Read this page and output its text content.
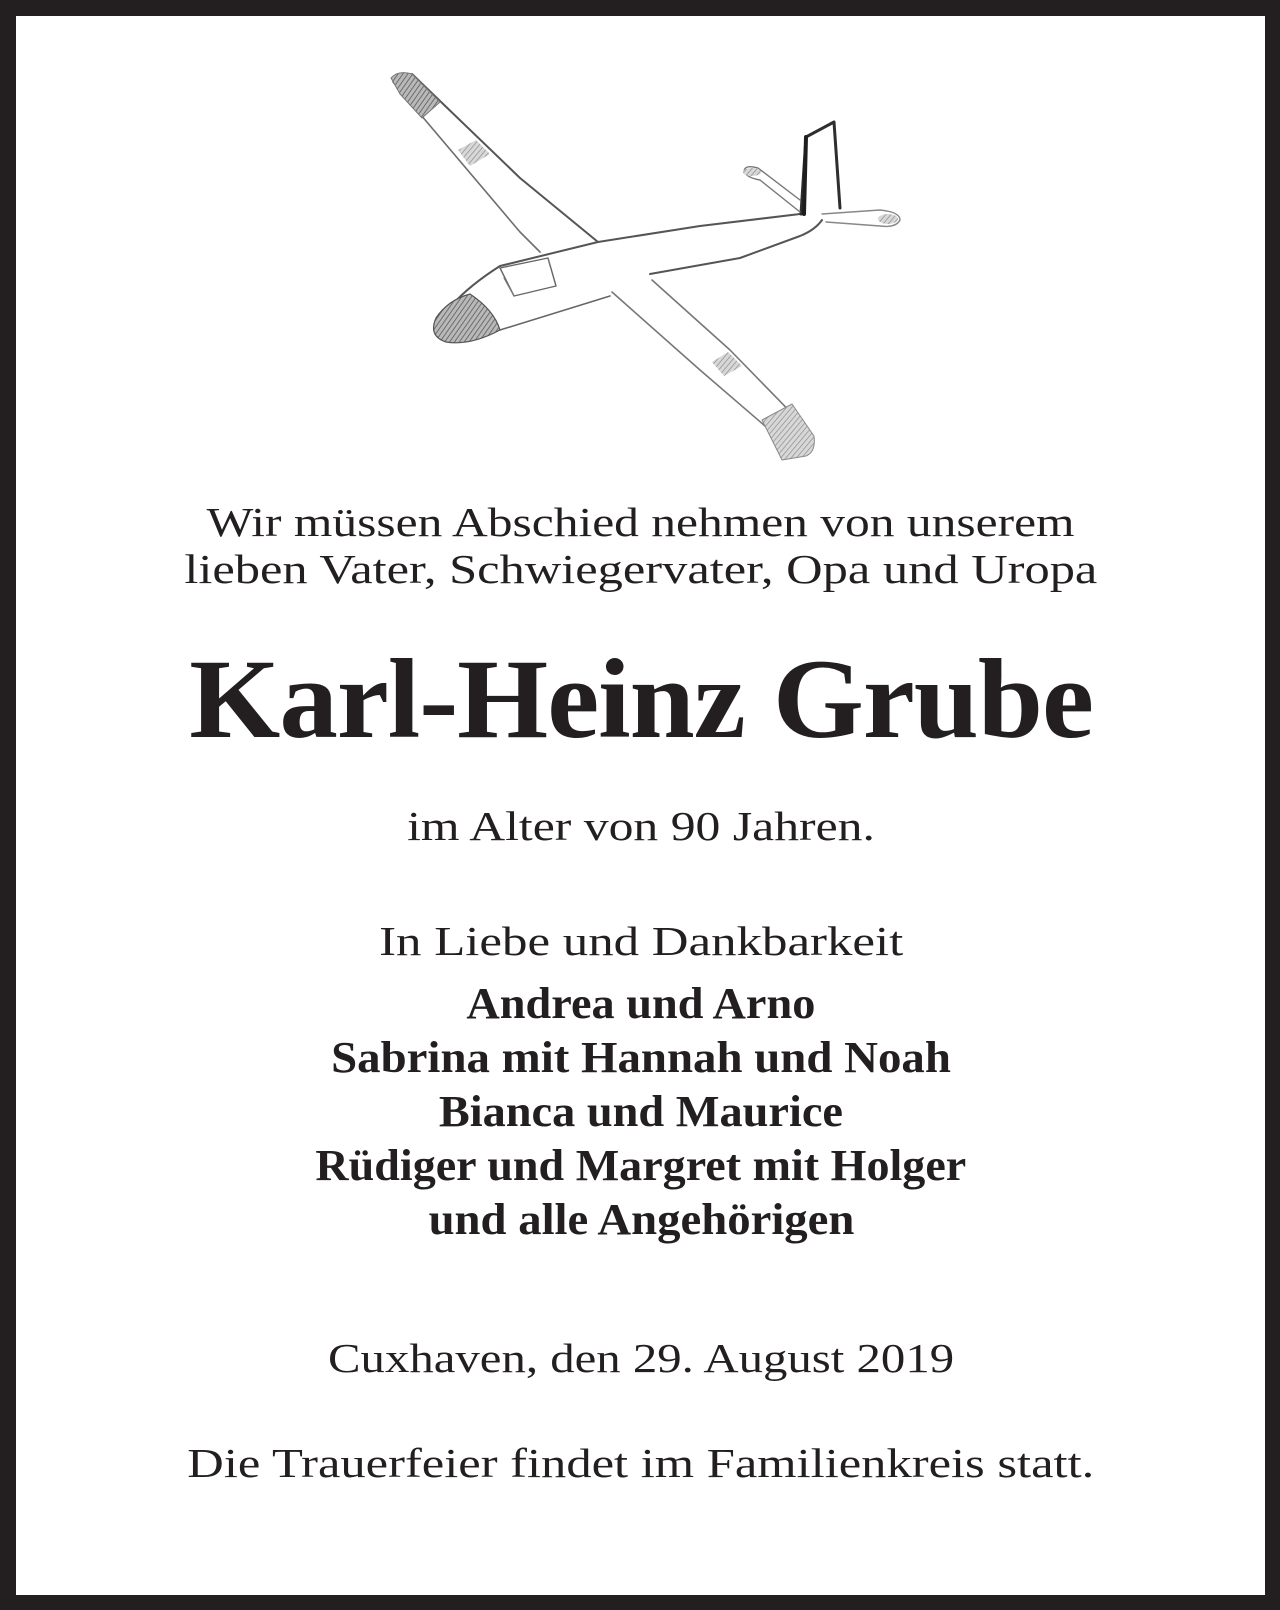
Wir müssen Abschied nehmen von unserem
lieben Vater, Schwiegervater, Opa und Uropa
Karl-Heinz Grube
im Alter von 90 Jahren.
In Liebe und Dankbarkeit
Andrea und Arno
Sabrina mit Hannah und Noah
Bianca und Maurice
Rüdiger und Margret mit Holger
und alle Angehörigen
Cuxhaven, den 29. August 2019
Die Trauerfeier findet im Familienkreis statt.
